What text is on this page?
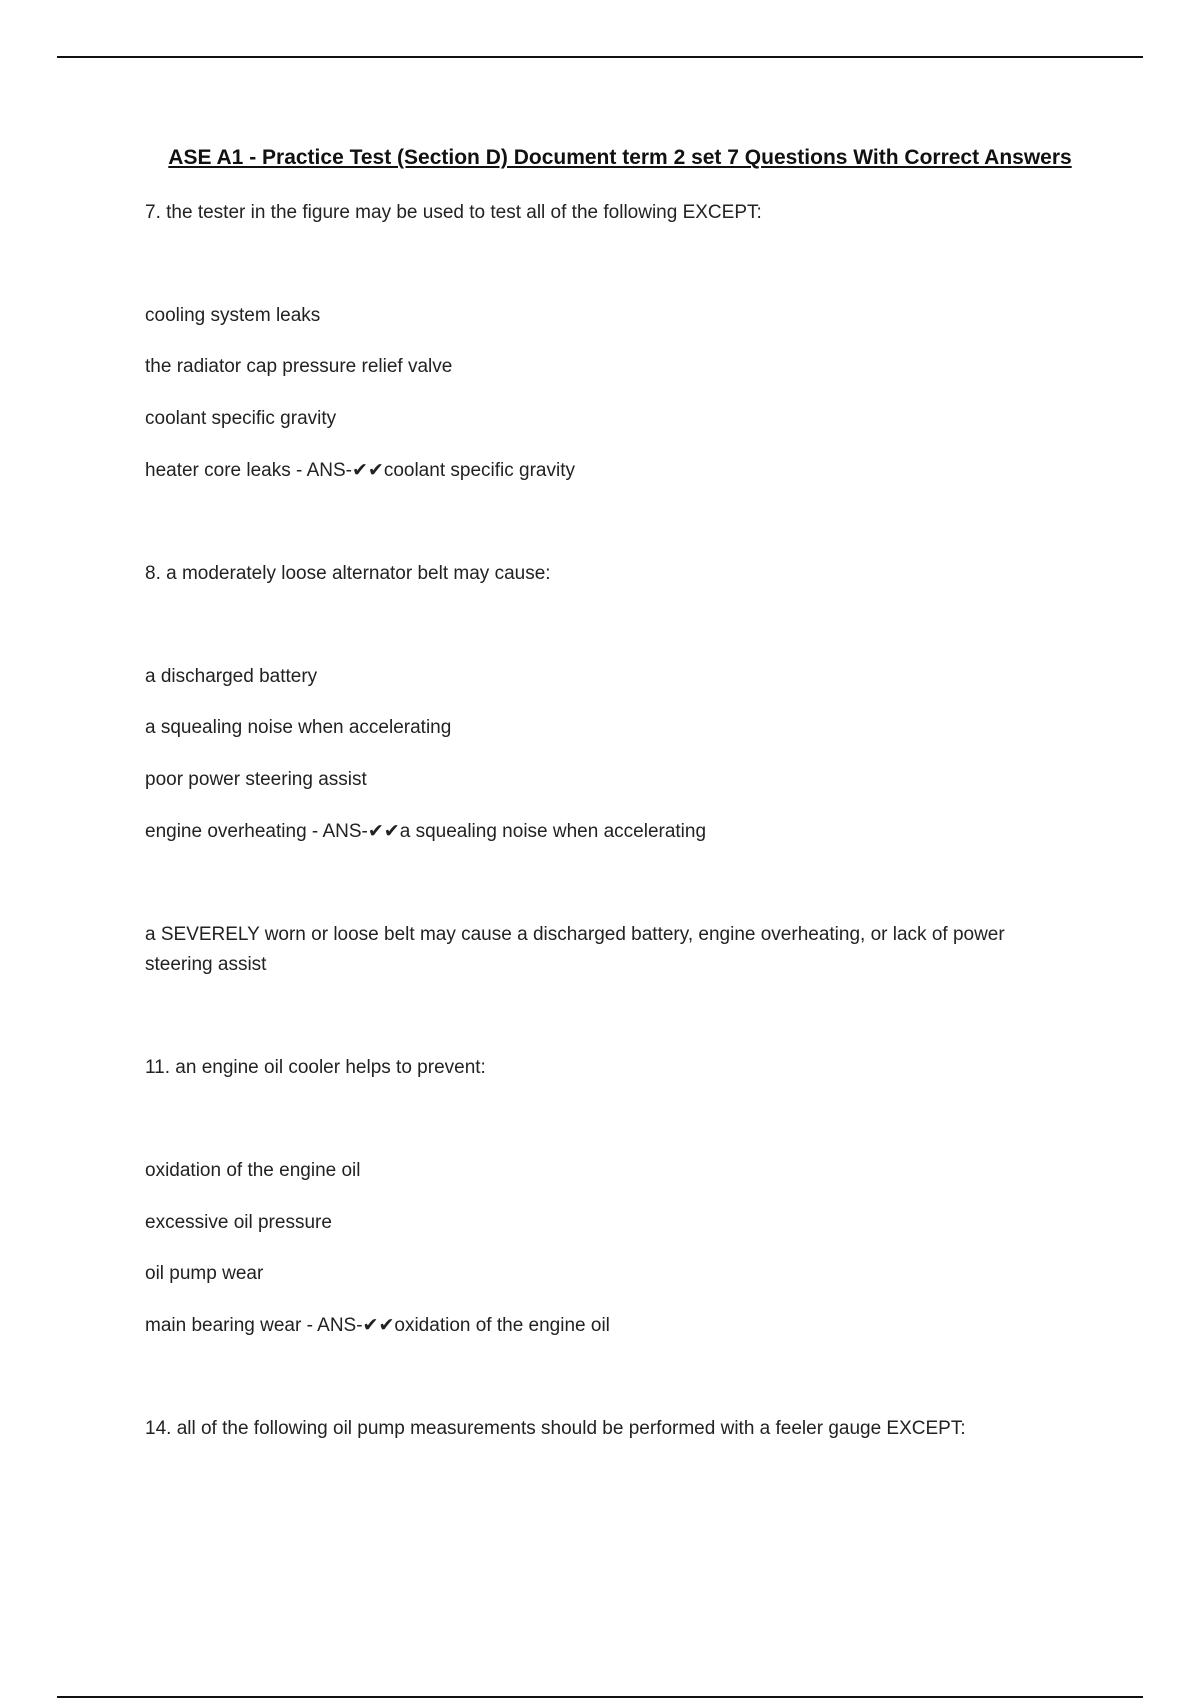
ASE A1 - Practice Test (Section D) Document term 2 set 7 Questions With Correct Answers
7. the tester in the figure may be used to test all of the following EXCEPT:
cooling system leaks
the radiator cap pressure relief valve
coolant specific gravity
heater core leaks - ANS-✔✔coolant specific gravity
8. a moderately loose alternator belt may cause:
a discharged battery
a squealing noise when accelerating
poor power steering assist
engine overheating - ANS-✔✔a squealing noise when accelerating
a SEVERELY worn or loose belt may cause a discharged battery, engine overheating, or lack of power steering assist
11. an engine oil cooler helps to prevent:
oxidation of the engine oil
excessive oil pressure
oil pump wear
main bearing wear - ANS-✔✔oxidation of the engine oil
14. all of the following oil pump measurements should be performed with a feeler gauge EXCEPT:
